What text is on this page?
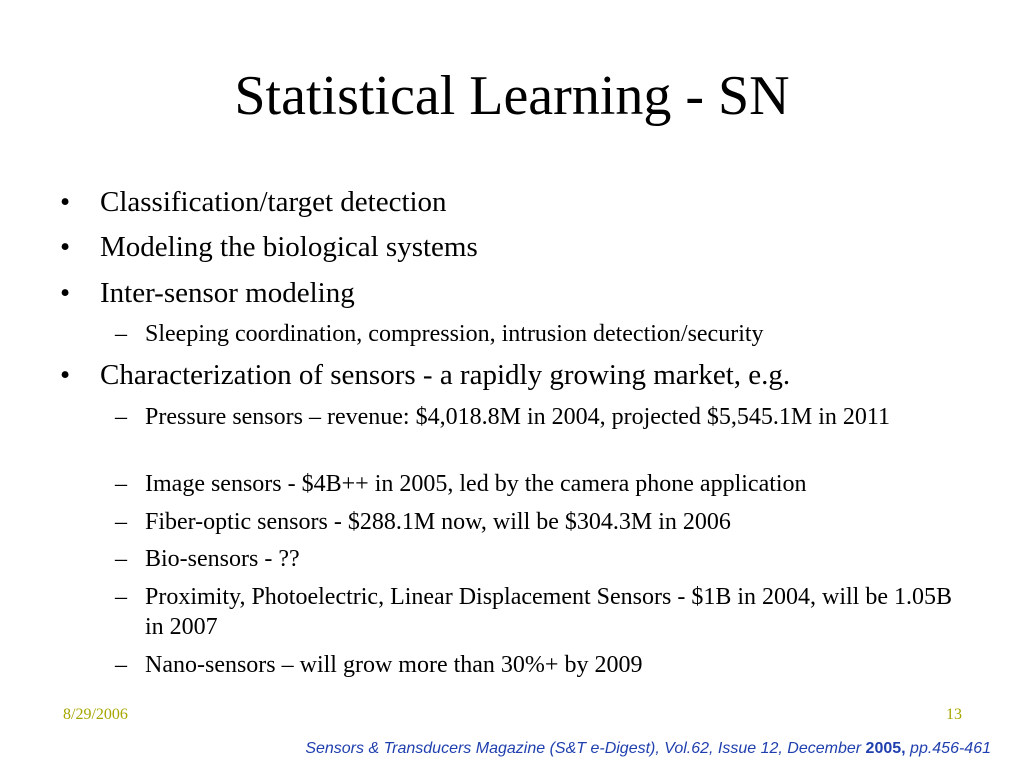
Statistical Learning - SN
• Classification/target detection
• Modeling the biological systems
• Inter-sensor modeling
– Sleeping coordination, compression, intrusion detection/security
• Characterization of sensors - a rapidly growing market, e.g.
– Pressure sensors – revenue: $4,018.8M in 2004, projected $5,545.1M in 2011
– Image sensors - $4B++ in 2005, led by the camera phone application
– Fiber-optic sensors - $288.1M now, will be $304.3M in 2006
– Bio-sensors - ??
– Proximity, Photoelectric, Linear Displacement Sensors - $1B in 2004, will be 1.05B in 2007
– Nano-sensors – will grow more than 30%+ by 2009
8/29/2006	13
Sensors & Transducers Magazine (S&T e-Digest), Vol.62, Issue 12, December 2005, pp.456-461
